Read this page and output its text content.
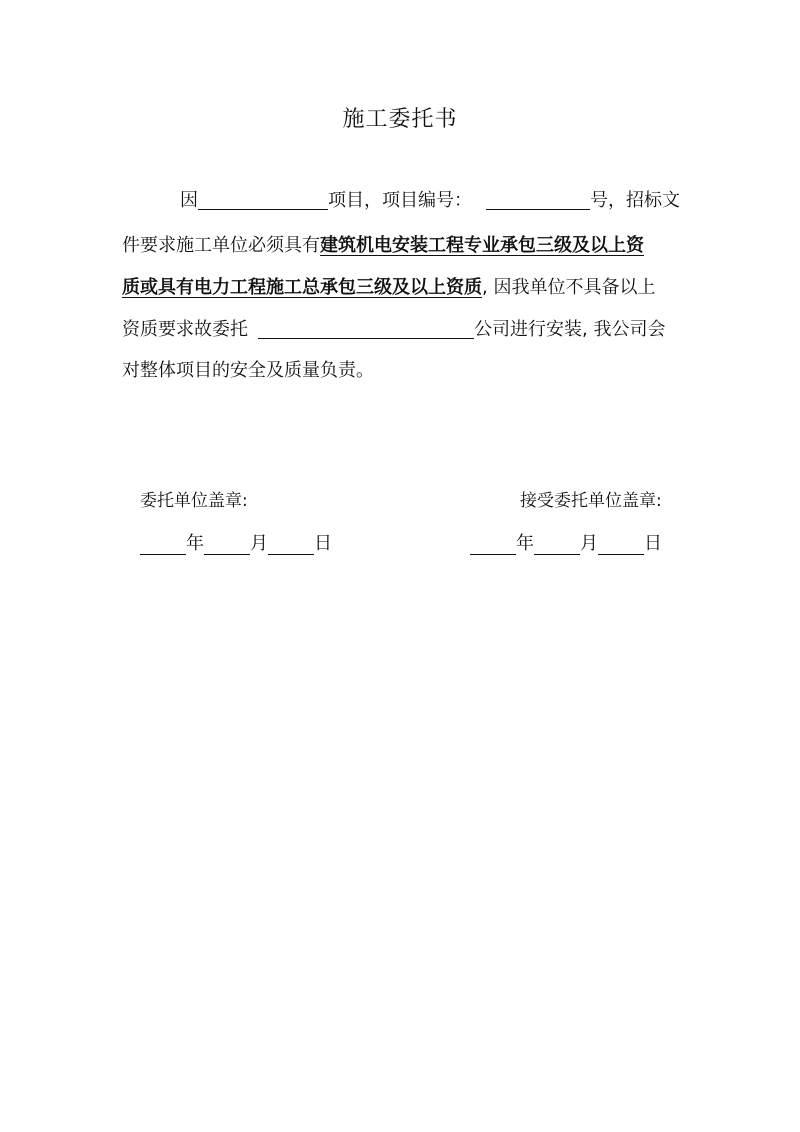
施工委托书
因	项目，项目编号：	号，招标文
件要求施工单位必须具有建筑机电安装工程专业承包三级及以上资
质或具有电力工程施工总承包三级及以上资质, 因我单位不具备以上
资质要求故委托	公司进行安装, 我公司会
对整体项目的安全及质量负责。
委托单位盖章:	接受委托单位盖章:
年	月	日	年	月	日
